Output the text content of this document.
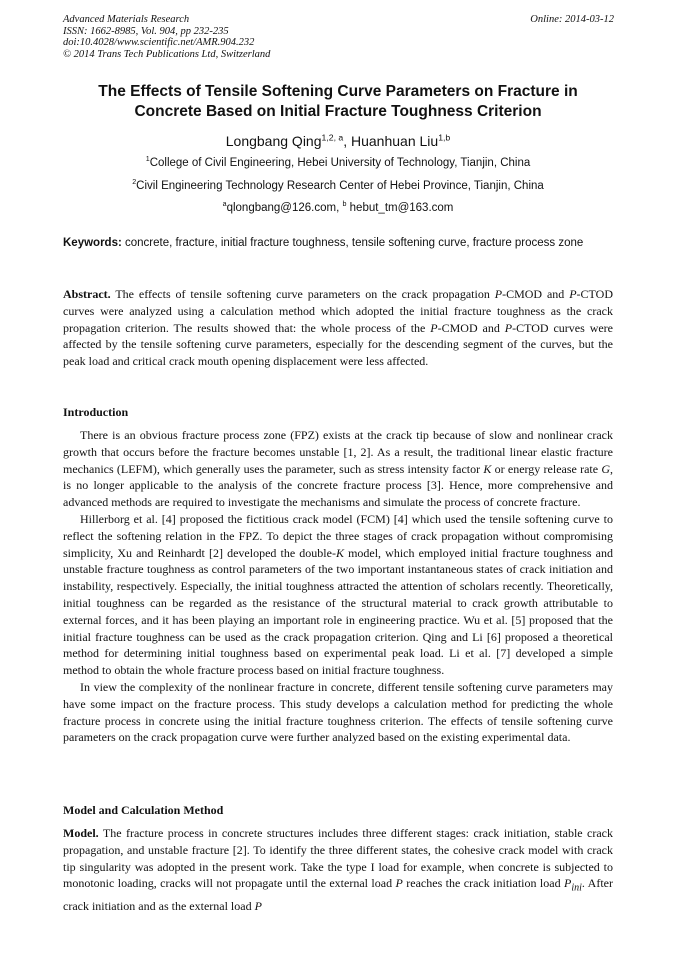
Advanced Materials Research
ISSN: 1662-8985, Vol. 904, pp 232-235
doi:10.4028/www.scientific.net/AMR.904.232
© 2014 Trans Tech Publications Ltd, Switzerland
Online: 2014-03-12
The Effects of Tensile Softening Curve Parameters on Fracture in
Concrete Based on Initial Fracture Toughness Criterion
Longbang Qing$^{1,2, a}$, Huanhuan Liu$^{1,b}$
$^1$College of Civil Engineering, Hebei University of Technology, Tianjin, China
$^2$Civil Engineering Technology Research Center of Hebei Province, Tianjin, China
$^a$qlongbang@126.com, $^b$ hebut_tm@163.com
Keywords: concrete, fracture, initial fracture toughness, tensile softening curve, fracture process zone

Abstract. The effects of tensile softening curve parameters on the crack propagation P-CMOD and P-CTOD curves were analyzed using a calculation method which adopted the initial fracture toughness as the crack propagation criterion. The results showed that: the whole process of the P-CMOD and P-CTOD curves were affected by the tensile softening curve parameters, especially for the descending segment of the curves, but the peak load and critical crack mouth opening displacement were less affected.

Introduction

There is an obvious fracture process zone (FPZ) exists at the crack tip because of slow and nonlinear crack growth that occurs before the fracture becomes unstable [1, 2]. As a result, the traditional linear elastic fracture mechanics (LEFM), which generally uses the parameter, such as stress intensity factor K or energy release rate G, is no longer applicable to the analysis of the concrete fracture process [3]. Hence, more comprehensive and advanced methods are required to investigate the mechanisms and simulate the process of concrete fracture.

Hillerborg et al. [4] proposed the fictitious crack model (FCM) [4] which used the tensile softening curve to reflect the softening relation in the FPZ. To depict the three stages of crack propagation without compromising simplicity, Xu and Reinhardt [2] developed the double-K model, which employed initial fracture toughness and unstable fracture toughness as control parameters of the two important instantaneous states of crack initiation and instability, respectively. Especially, the initial toughness attracted the attention of scholars recently. Theoretically, initial toughness can be regarded as the resistance of the structural material to crack growth attributable to external forces, and it has been playing an important role in engineering practice. Wu et al. [5] proposed that the initial fracture toughness can be used as the crack propagation criterion. Qing and Li [6] proposed a theoretical method for determining initial toughness based on experimental peak load. Li et al. [7] developed a simple method to obtain the whole fracture process based on initial fracture toughness.

In view the complexity of the nonlinear fracture in concrete, different tensile softening curve parameters may have some impact on the fracture process. This study develops a calculation method for predicting the whole fracture process in concrete using the initial fracture toughness criterion. The effects of tensile softening curve parameters on the crack propagation curve were further analyzed based on the existing experimental data.

Model and Calculation Method

Model. The fracture process in concrete structures includes three different stages: crack initiation, stable crack propagation, and unstable fracture [2]. To identify the three different states, the cohesive crack model with crack tip singularity was adopted in the present work. Take the type I load for example, when concrete is subjected to monotonic loading, cracks will not propagate until the external load P reaches the crack initiation load $P_{ini}$. After crack initiation and as the external load P
